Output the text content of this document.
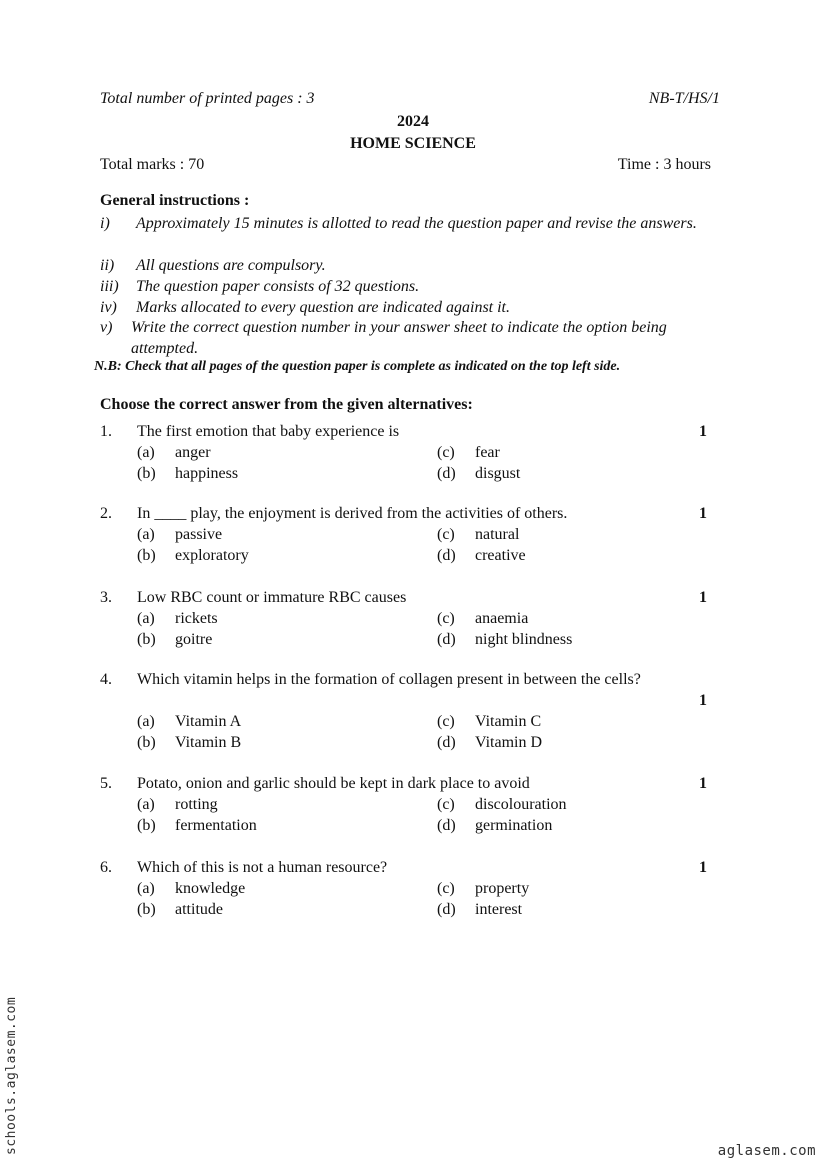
Total number of printed pages : 3	NB-T/HS/1
2024
HOME SCIENCE
Total marks : 70	Time : 3 hours
General instructions :
i) Approximately 15 minutes is allotted to read the question paper and revise the answers.
ii) All questions are compulsory.
iii) The question paper consists of 32 questions.
iv) Marks allocated to every question are indicated against it.
v) Write the correct question number in your answer sheet to indicate the option being attempted.
N.B: Check that all pages of the question paper is complete as indicated on the top left side.
Choose the correct answer from the given alternatives:
1. The first emotion that baby experience is	1
(a) anger
(b) happiness
(c) fear
(d) disgust
2. In ____ play, the enjoyment is derived from the activities of others.	1
(a) passive
(b) exploratory
(c) natural
(d) creative
3. Low RBC count or immature RBC causes	1
(a) rickets
(b) goitre
(c) anaemia
(d) night blindness
4. Which vitamin helps in the formation of collagen present in between the cells?
1
(a) Vitamin A
(b) Vitamin B
(c) Vitamin C
(d) Vitamin D
5. Potato, onion and garlic should be kept in dark place to avoid	1
(a) rotting
(b) fermentation
(c) discolouration
(d) germination
6. Which of this is not a human resource?	1
(a) knowledge
(b) attitude
(c) property
(d) interest
schools.aglasem.com	aglasem.com
